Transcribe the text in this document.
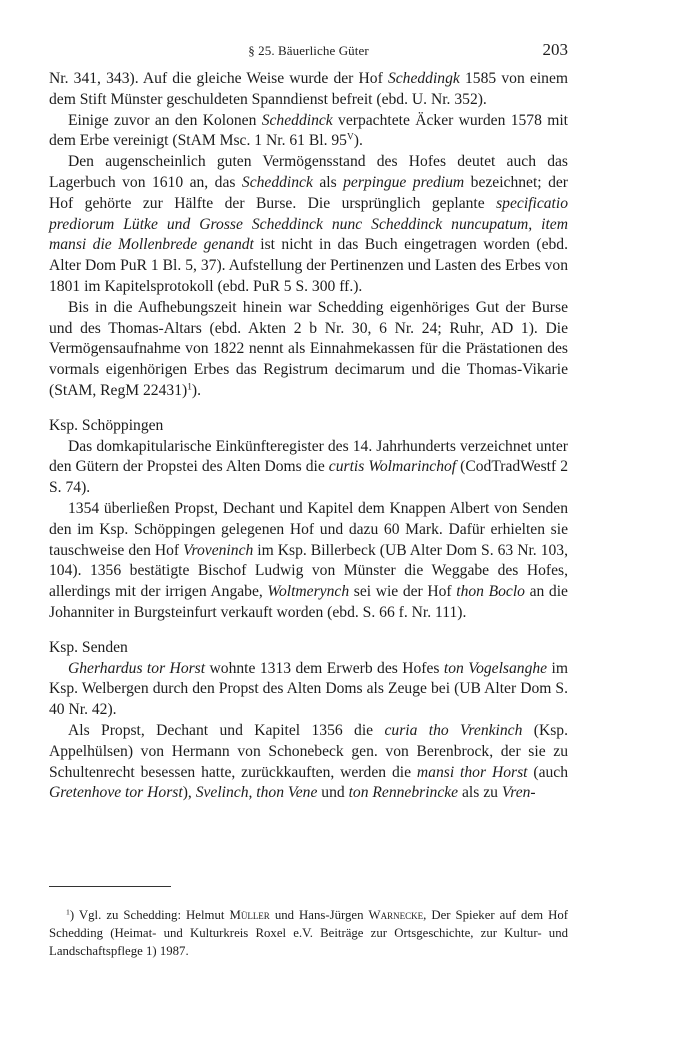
§ 25. Bäuerliche Güter	203

Nr. 341, 343). Auf die gleiche Weise wurde der Hof Scheddingk 1585 von einem dem Stift Münster geschuldeten Spanndienst befreit (ebd. U. Nr. 352).

Einige zuvor an den Kolonen Scheddinck verpachtete Äcker wurden 1578 mit dem Erbe vereinigt (StAM Msc. 1 Nr. 61 Bl. $95^V$).

Den augenscheinlich guten Vermögensstand des Hofes deutet auch das Lagerbuch von 1610 an, das Scheddinck als perpingue predium bezeichnet; der Hof gehörte zur Hälfte der Burse. Die ursprünglich geplante specificatio prediorum Lütke und Grosse Scheddinck nunc Scheddinck nuncupatum, item mansi die Mollenbrede genandt ist nicht in das Buch eingetragen worden (ebd. Alter Dom PuR 1 Bl. 5, 37). Aufstellung der Pertinenzen und Lasten des Erbes von 1801 im Kapitelsprotokoll (ebd. PuR 5 S. 300 ff.).

Bis in die Aufhebungszeit hinein war Schedding eigenhöriges Gut der Burse und des Thomas-Altars (ebd. Akten 2 b Nr. 30, 6 Nr. 24; Ruhr, AD 1). Die Vermögensaufnahme von 1822 nennt als Einnahmekassen für die Prästationen des vormals eigenhörigen Erbes das Registrum decimarum und die Thomas-Vikarie (StAM, RegM 22431)$^1$).

Ksp. Schöppingen

Das domkapitularische Einkünfteregister des 14. Jahrhunderts verzeichnet unter den Gütern der Propstei des Alten Doms die curtis Wolmarinchof (CodTradWestf 2 S. 74).

1354 überließen Propst, Dechant und Kapitel dem Knappen Albert von Senden den im Ksp. Schöppingen gelegenen Hof und dazu 60 Mark. Dafür erhielten sie tauschweise den Hof Vroveninch im Ksp. Billerbeck (UB Alter Dom S. 63 Nr. 103, 104). 1356 bestätigte Bischof Ludwig von Münster die Weggabe des Hofes, allerdings mit der irrigen Angabe, Woltmerynch sei wie der Hof thon Boclo an die Johanniter in Burgsteinfurt verkauft worden (ebd. S. 66 f. Nr. 111).

Ksp. Senden

Gherhardus tor Horst wohnte 1313 dem Erwerb des Hofes ton Vogelsanghe im Ksp. Welbergen durch den Propst des Alten Doms als Zeuge bei (UB Alter Dom S. 40 Nr. 42).

Als Propst, Dechant und Kapitel 1356 die curia tho Vrenkinch (Ksp. Appelhülsen) von Hermann von Schonebeck gen. von Berenbrock, der sie zu Schultenrecht besessen hatte, zurückkauften, werden die mansi thor Horst (auch Gretenhove tor Horst), Svelinch, thon Vene und ton Rennebrincke als zu Vren-

$^1$) Vgl. zu Schedding: Helmut Müller und Hans-Jürgen Warnecke, Der Spieker auf dem Hof Schedding (Heimat- und Kulturkreis Roxel e.V. Beiträge zur Ortsgeschichte, zur Kultur- und Landschaftspflege 1) 1987.
